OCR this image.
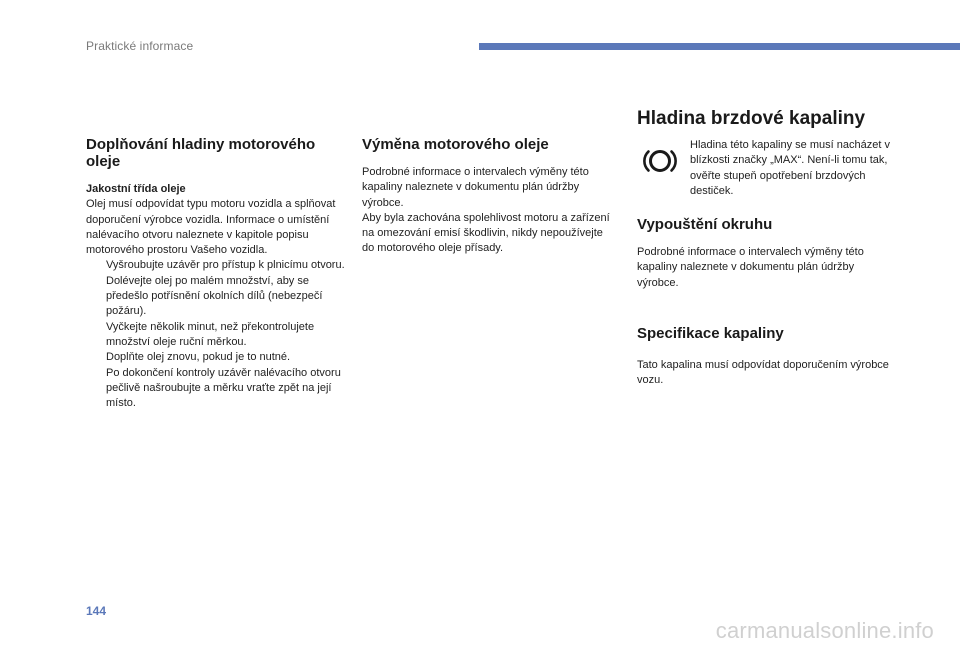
Praktické informace
Doplňování hladiny motorového oleje

Jakostní třída oleje

Olej musí odpovídat typu motoru vozidla a splňovat doporučení výrobce vozidla. Informace o umístění nalévacího otvoru naleznete v kapitole popisu motorového prostoru Vašeho vozidla.

Vyšroubujte uzávěr pro přístup k plnicímu otvoru.
Dolévejte olej po malém množství, aby se předešlo potřísnění okolních dílů (nebezpečí požáru).
Vyčkejte několik minut, než překontrolujete množství oleje ruční měrkou.
Doplňte olej znovu, pokud je to nutné.
Po dokončení kontroly uzávěr nalévacího otvoru pečlivě našroubujte a měrku vraťte zpět na její místo.
Výměna motorového oleje

Podrobné informace o intervalech výměny této kapaliny naleznete v dokumentu plán údržby výrobce.

Aby byla zachována spolehlivost motoru a zařízení na omezování emisí škodlivin, nikdy nepoužívejte do motorového oleje přísady.

Hladina brzdové kapaliny

Hladina této kapaliny se musí nacházet v blízkosti značky „MAX“. Není-li tomu tak, ověřte stupeň opotřebení brzdových destiček.

Vypouštění okruhu

Podrobné informace o intervalech výměny této kapaliny naleznete v dokumentu plán údržby výrobce.

Specifikace kapaliny

Tato kapalina musí odpovídat doporučením výrobce vozu.

144
carmanualsonline.info
